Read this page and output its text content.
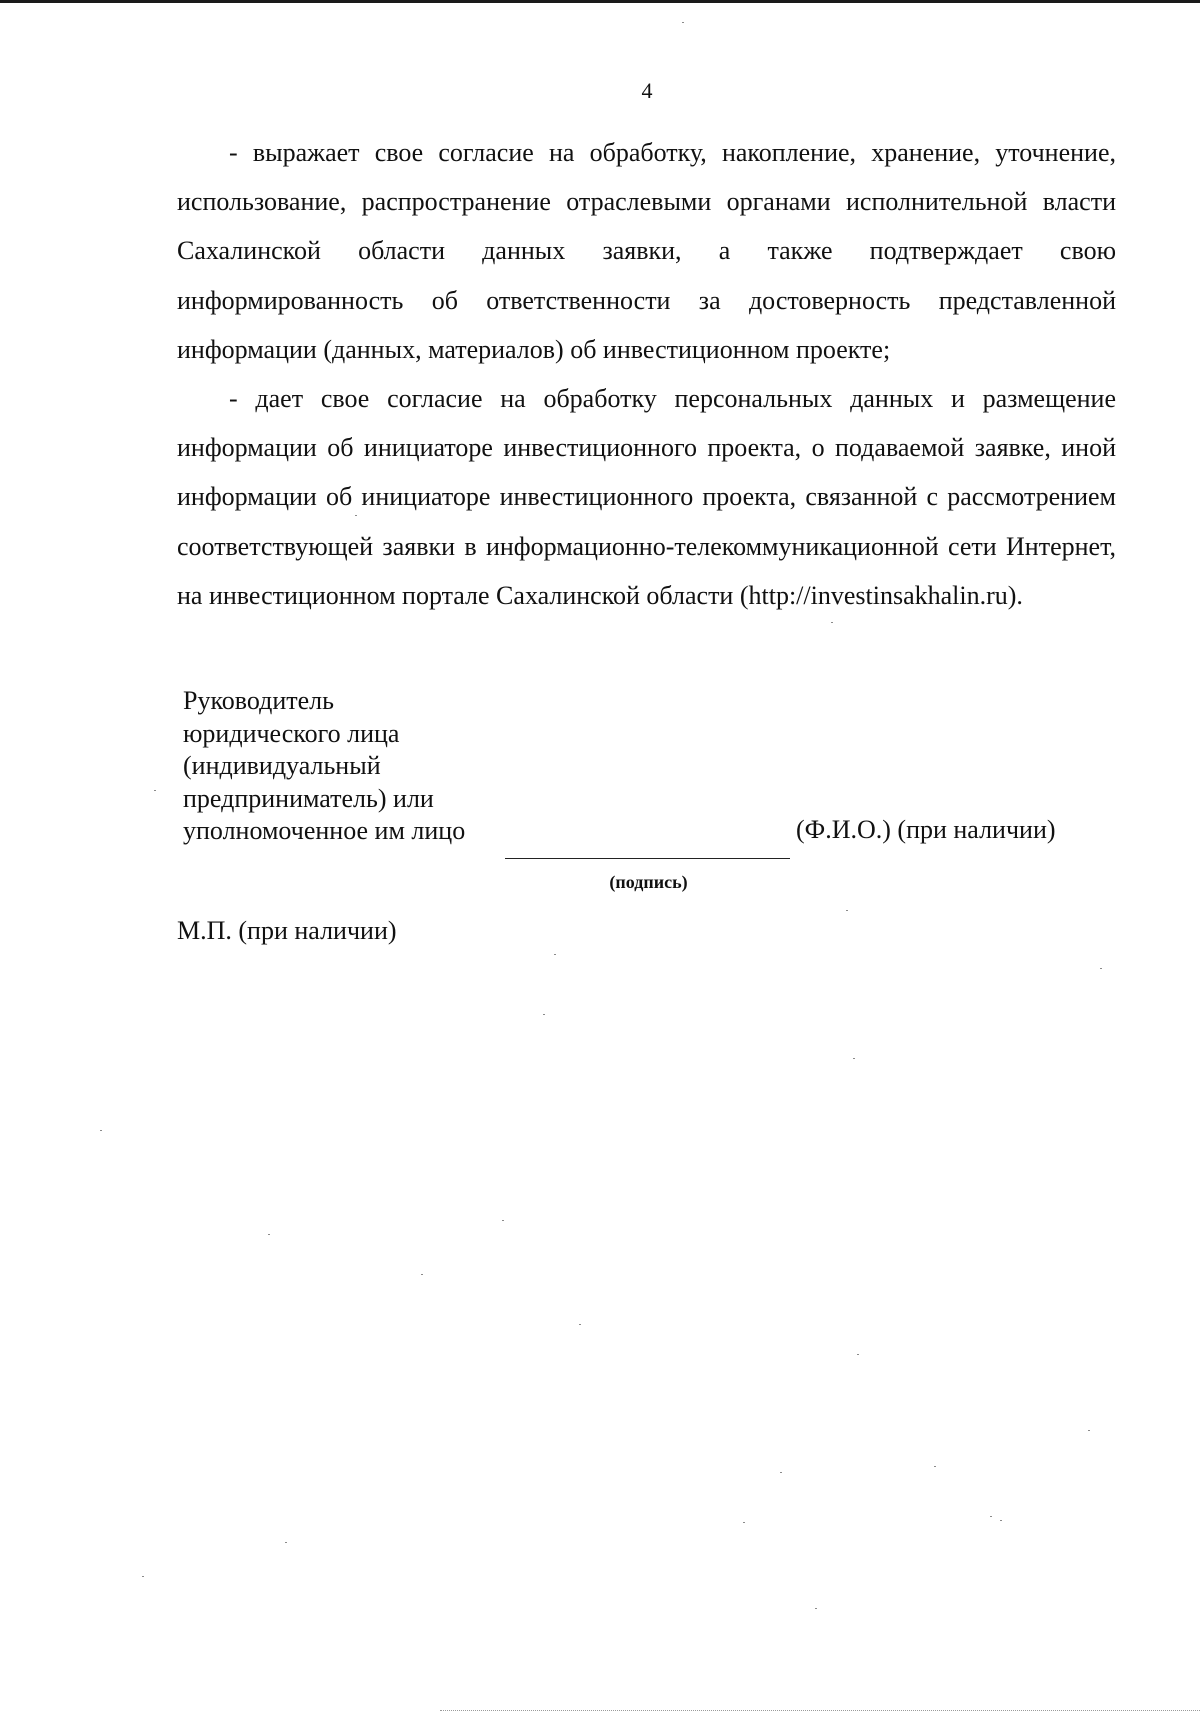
4

- выражает свое согласие на обработку, накопление, хранение, уточнение, использование, распространение отраслевыми органами исполнительной власти Сахалинской области данных заявки, а также подтверждает свою информированность об ответственности за достоверность представленной информации (данных, материалов) об инвестиционном проекте;

- дает свое согласие на обработку персональных данных и размещение информации об инициаторе инвестиционного проекта, о подаваемой заявке, иной информации об инициаторе инвестиционного проекта, связанной с рассмотрением соответствующей заявки в информационно-телекоммуникационной сети Интернет, на инвестиционном портале Сахалинской области (http://investinsakhalin.ru).

Руководитель
юридического лица
(индивидуальный
предприниматель) или
уполномоченное им лицо
(подпись)
(Ф.И.О.) (при наличии)
М.П. (при наличии)
